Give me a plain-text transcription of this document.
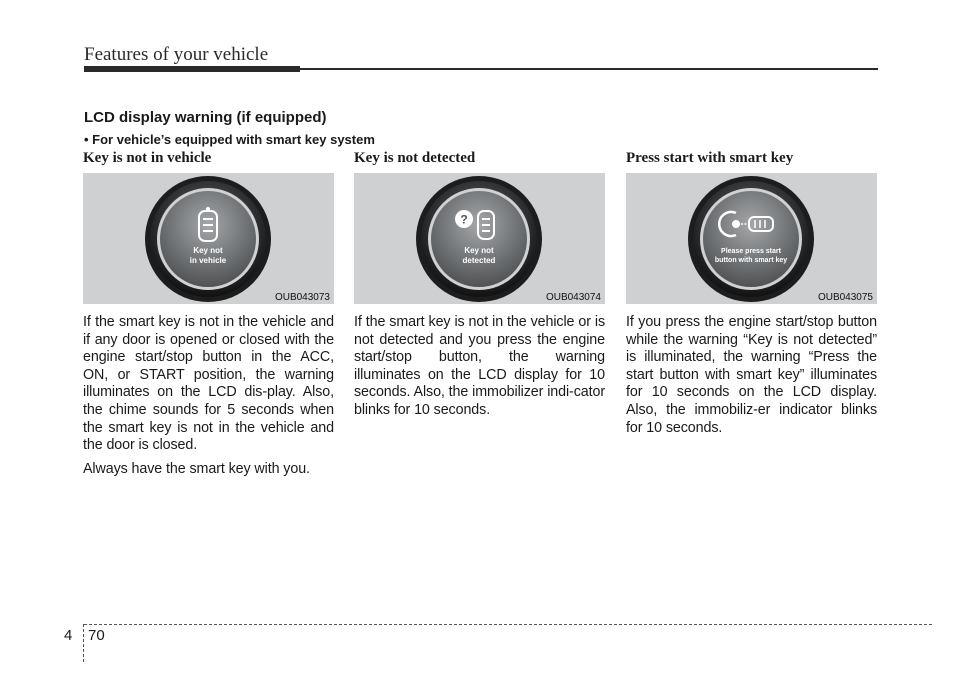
Features of your vehicle
LCD display warning (if equipped)
• For vehicle’s equipped with smart key system
Key is not in vehicle
Key not
in vehicle
OUB043073

If the smart key is not in the vehicle and if any door is opened or closed with the engine start/stop button in the ACC, ON, or START position, the warning illuminates on the LCD dis-play. Also, the chime sounds for 5 seconds when the smart key is not in the vehicle and the door is closed.

Always have the smart key with you.

Key is not detected
?
Key not
detected
OUB043074

If the smart key is not in the vehicle or is not detected and you press the engine start/stop button, the warning illuminates on the LCD display for 10 seconds. Also, the immobilizer indi-cator blinks for 10 seconds.

Press start with smart key
Please press start
button with smart key
OUB043075

If you press the engine start/stop button while the warning “Key is not detected” is illuminated, the warning “Press the start button with smart key” illuminates for 10 seconds on the LCD display. Also, the immobiliz-er indicator blinks for 10 seconds.

4 70
